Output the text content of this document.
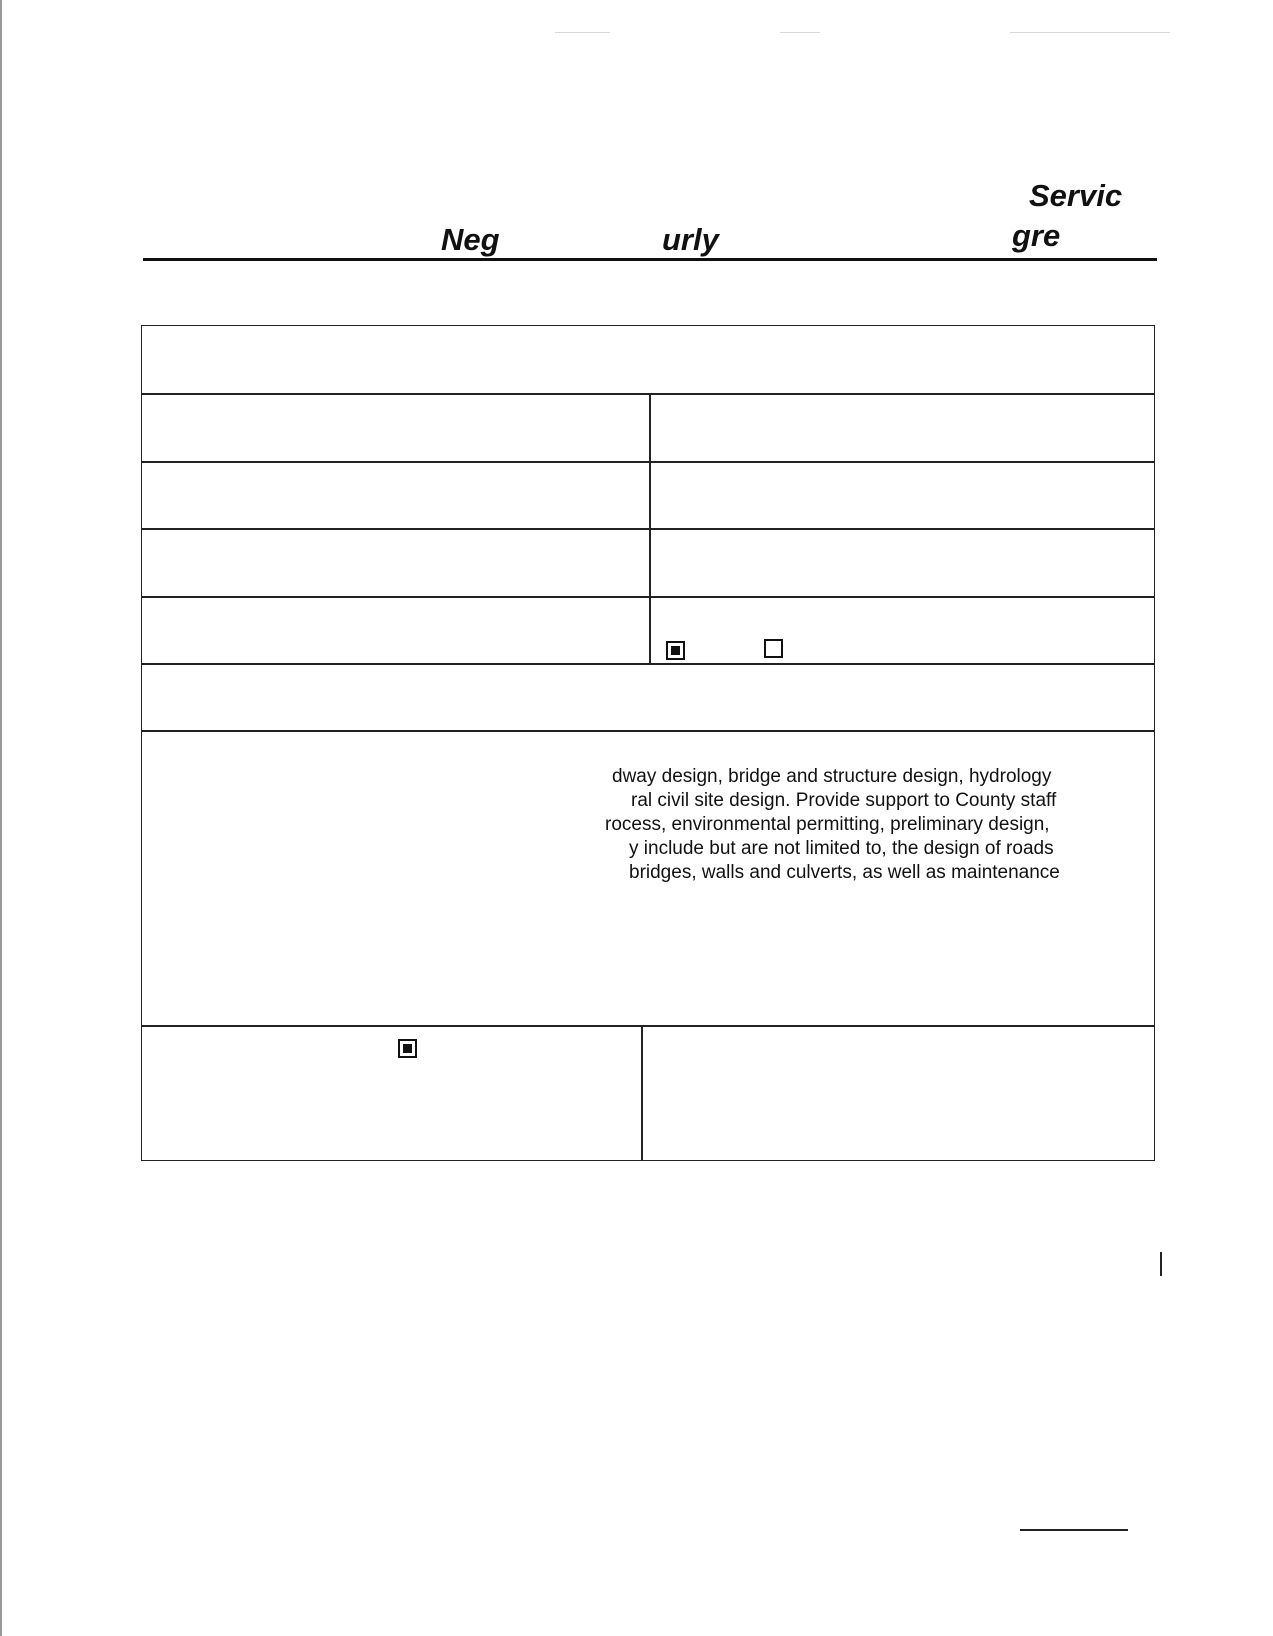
Neg	urly
Servic
gre
dway design, bridge and structure design, hydrology
ral civil site design. Provide support to County staff
rocess, environmental permitting, preliminary design,
y include but are not limited to, the design of roads
bridges, walls and culverts, as well as maintenance
